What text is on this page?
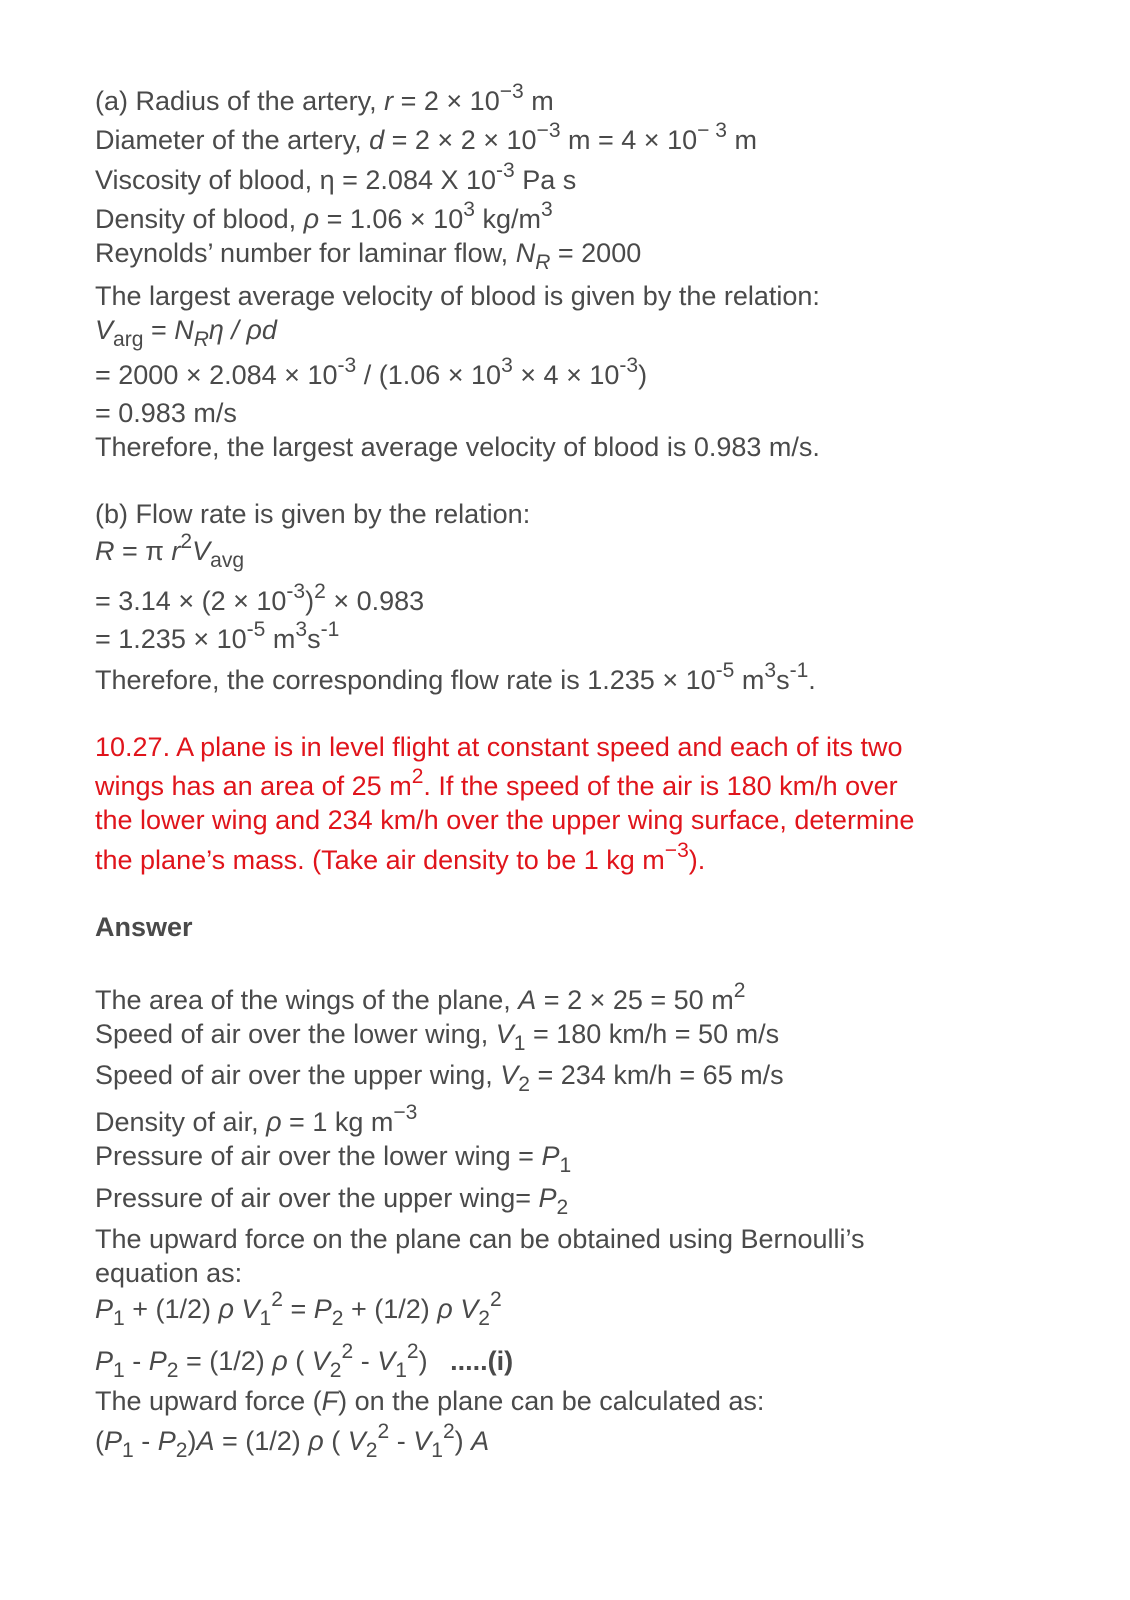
(a) Radius of the artery, $r = 2 \times 10^{-3}$ m
Diameter of the artery, $d = 2 \times 2 \times 10^{-3}$ $m = 4 \times 10^{- 3}$ m
Viscosity of blood, η = 2.084 X $10^{-3}$ Pa s
Density of blood, $\rho = 1.06 \times 10^3$ $kg/m^3$
Reynolds’ number for laminar flow, $N_R = 2000$
The largest average velocity of blood is given by the relation:
$V_{arg} = N_R\eta / \rho d$
= $2000 \times 2.084 \times 10^{-3} / (1.06 \times 10^3 \times 4 \times 10^{-3})$
= 0.983 m/s
Therefore, the largest average velocity of blood is 0.983 m/s.
(b) Flow rate is given by the relation:
R = π $r^2V_{avg}$
= $3.14 \times (2 \times 10^{-3})^2 \times 0.983$
= $1.235 \times 10^{-5}$ $m^3s^{-1}$
Therefore, the corresponding flow rate is $1.235 \times 10^{-5}$ $m^3s^{-1}$.
10.27. A plane is in level flight at constant speed and each of its two
wings has an area of 25 $m^2$. If the speed of the air is 180 km/h over
the lower wing and 234 km/h over the upper wing surface, determine
the plane’s mass. (Take air density to be 1 kg $m^{-3}$).
Answer
The area of the wings of the plane, A = 2 × 25 = 50 $m^2$
Speed of air over the lower wing, $V_1 = 180$ km/h = 50 m/s
Speed of air over the upper wing, $V_2 = 234$ km/h = 65 m/s
Density of air, ρ = 1 kg $m^{-3}$
Pressure of air over the lower wing = $P_1$
Pressure of air over the upper wing= $P_2$
The upward force on the plane can be obtained using Bernoulli’s
equation as:
$P_1 + (1/2)$ ρ $V_1^2 = P_2 + (1/2)$ ρ $V_2^2$
$P_1 - P_2 = (1/2)$ ρ ( $V_2^2 - V_1^2$) .....(i)
The upward force (F) on the plane can be calculated as:
$(P_1 - P_2)A = (1/2)$ ρ ( $V_2^2 - V_1^2$) A
